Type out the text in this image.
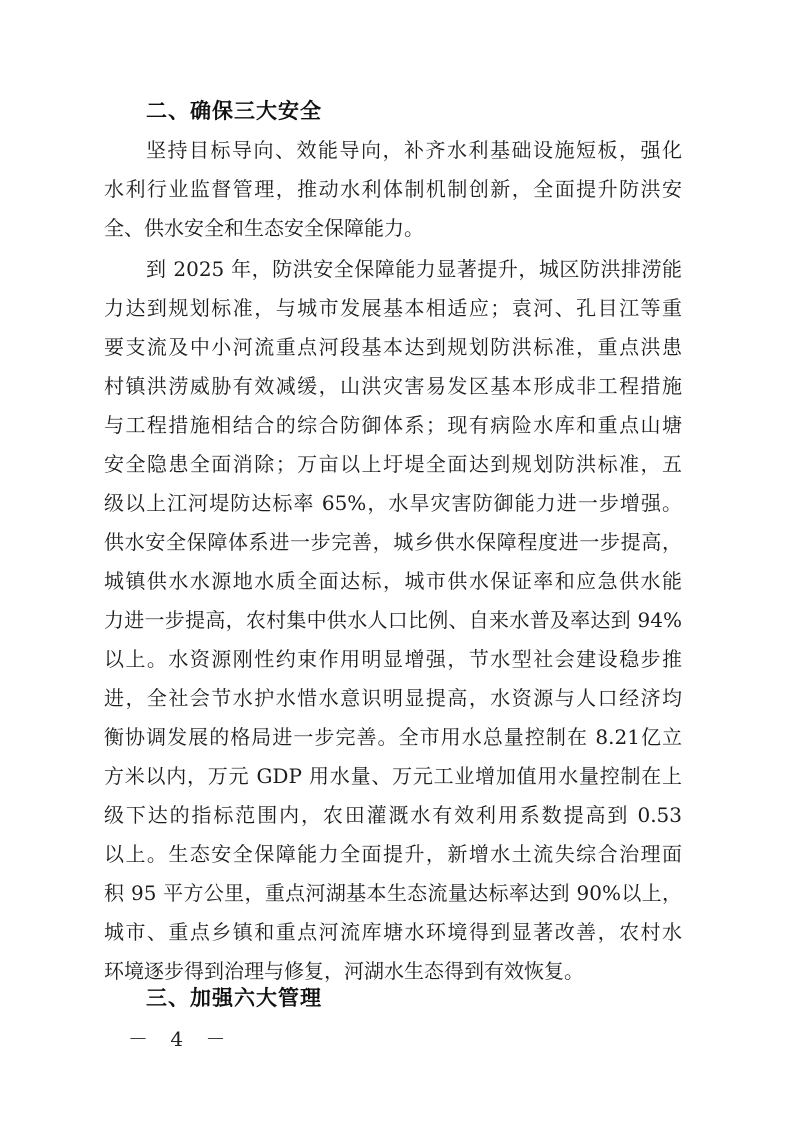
二、确保三大安全
坚持目标导向、效能导向，补齐水利基础设施短板，强化
水利行业监督管理，推动水利体制机制创新，全面提升防洪安
全、供水安全和生态安全保障能力。
到 2025 年，防洪安全保障能力显著提升，城区防洪排涝能
力达到规划标准，与城市发展基本相适应；袁河、孔目江等重
要支流及中小河流重点河段基本达到规划防洪标准，重点洪患
村镇洪涝威胁有效减缓，山洪灾害易发区基本形成非工程措施
与工程措施相结合的综合防御体系；现有病险水库和重点山塘
安全隐患全面消除；万亩以上圩堤全面达到规划防洪标准，五
级以上江河堤防达标率 65%，水旱灾害防御能力进一步增强。
供水安全保障体系进一步完善，城乡供水保障程度进一步提高，
城镇供水水源地水质全面达标，城市供水保证率和应急供水能
力进一步提高，农村集中供水人口比例、自来水普及率达到 94%
以上。水资源刚性约束作用明显增强，节水型社会建设稳步推
进，全社会节水护水惜水意识明显提高，水资源与人口经济均
衡协调发展的格局进一步完善。全市用水总量控制在 8.21亿立
方米以内，万元 GDP 用水量、万元工业增加值用水量控制在上
级下达的指标范围内，农田灌溉水有效利用系数提高到 0.53
以上。生态安全保障能力全面提升，新增水土流失综合治理面
积 95 平方公里，重点河湖基本生态流量达标率达到 90%以上，
城市、重点乡镇和重点河流库塘水环境得到显著改善，农村水
环境逐步得到治理与修复，河湖水生态得到有效恢复。
三、加强六大管理
－ 4 －
